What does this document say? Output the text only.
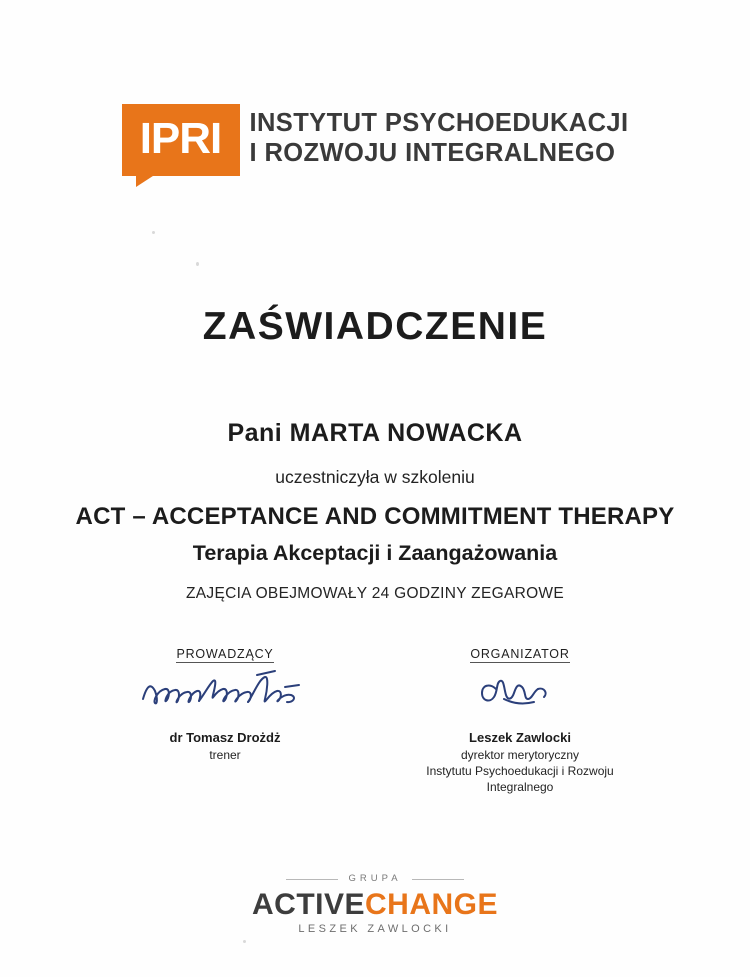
IPRI INSTYTUT PSYCHOEDUKACJI
I ROZWOJU INTEGRALNEGO
ZAŚWIADCZENIE
Pani MARTA NOWACKA
uczestniczyła w szkoleniu
ACT – ACCEPTANCE AND COMMITMENT THERAPY
Terapia Akceptacji i Zaangażowania
ZAJĘCIA OBEJMOWAŁY 24 GODZINY ZEGAROWE
PROWADZĄCY
dr Tomasz Drożdż
trener
ORGANIZATOR
Leszek Zawlocki
dyrektor merytoryczny
Instytutu Psychoedukacji i Rozwoju Integralnego
GRUPA
ACTIVECHANGE
LESZEK ZAWLOCKI
